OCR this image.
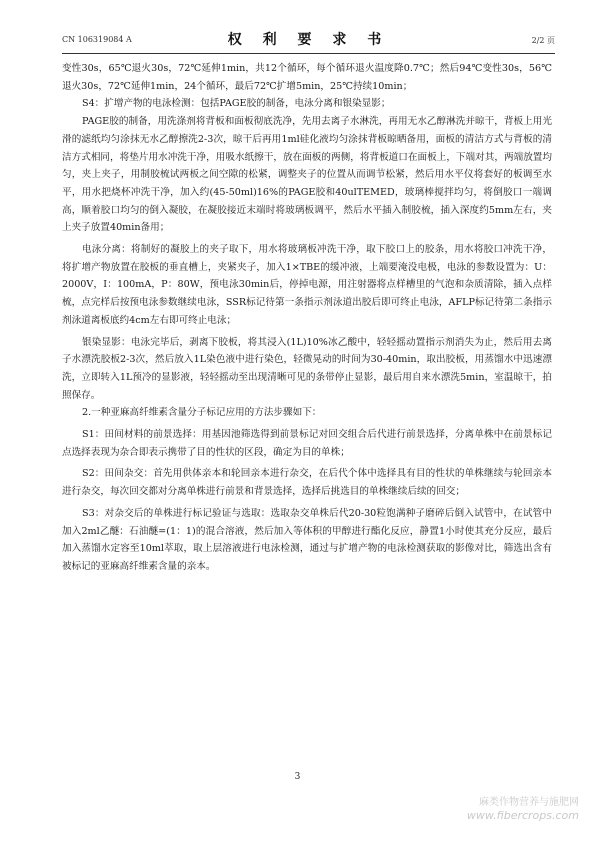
CN 106319084 A	权 利 要 求 书	2/2 页

变性30s，65℃退火30s，72℃延伸1min，共12个循环，每个循环退火温度降0.7℃；然后94℃变性30s，56℃退火30s，72℃延伸1min，24个循环，最后72℃扩增5min，25℃持续10min；

S4：扩增产物的电泳检测：包括PAGE胶的制备，电泳分离和银染显影；

PAGE胶的制备，用洗涤剂将背板和面板彻底洗净，先用去离子水淋洗，再用无水乙醇淋洗并晾干，背板上用光滑的滤纸均匀涂抹无水乙醇擦洗2-3次，晾干后再用1ml硅化液均匀涂抹背板晾晒备用，面板的清洁方式与背板的清洁方式相同，将垫片用水冲洗干净，用吸水纸擦干，放在面板的两侧，将背板道口在面板上，下端对其，两端放置均匀，夹上夹子，用制胶梳试两板之间空隙的松紧，调整夹子的位置从而调节松紧，然后用水平仪将套好的板调至水平，用水把烧杯冲洗干净，加入约(45-50ml)16%的PAGE胶和40ulTEMED，玻璃棒搅拌均匀，将倒胶口一端调高，顺着胶口均匀的倒入凝胶，在凝胶接近末端时将玻璃板调平，然后水平插入制胶梳，插入深度约5mm左右，夹上夹子放置40min备用；

电泳分离：将制好的凝胶上的夹子取下，用水将玻璃板冲洗干净，取下胶口上的胶条，用水将胶口冲洗干净，将扩增产物放置在胶板的垂直槽上，夹紧夹子，加入1×TBE的缓冲液，上端要淹没电极，电泳的参数设置为：U：2000V，I：100mA，P：80W，预电泳30min后，停掉电源，用注射器将点样槽里的气泡和杂质清除，插入点样梳，点完样后按预电泳参数继续电泳，SSR标记待第一条指示剂泳道出胶后即可终止电泳，AFLP标记待第二条指示剂泳道离板底约4cm左右即可终止电泳；

银染显影：电泳完毕后，剥离下胶板，将其浸入(1L)10%冰乙酸中，轻轻摇动置指示剂消失为止，然后用去离子水漂洗胶板2-3次，然后放入1L染色液中进行染色，轻微晃动的时间为30-40min，取出胶板，用蒸馏水中迅速漂洗，立即转入1L预冷的显影液，轻轻摇动至出现清晰可见的条带停止显影，最后用自来水漂洗5min，室温晾干，拍照保存。

2.一种亚麻高纤维素含量分子标记应用的方法步骤如下：

S1：田间材料的前景选择：用基因池筛选得到前景标记对回交组合后代进行前景选择，分离单株中在前景标记点选择表现为杂合即表示携带了目的性状的区段，确定为目的单株；

S2：田间杂交：首先用供体亲本和轮回亲本进行杂交，在后代个体中选择具有目的性状的单株继续与轮回亲本进行杂交，每次回交都对分离单株进行前景和背景选择，选择后挑选目的单株继续后续的回交；

S3：对杂交后的单株进行标记验证与选取：选取杂交单株后代20-30粒饱满种子磨碎后倒入试管中，在试管中加入2ml乙醚：石油醚=(1：1)的混合溶液，然后加入等体积的甲醇进行酯化反应，静置1小时使其充分反应，最后加入蒸馏水定容至10ml萃取，取上层溶液进行电泳检测，通过与扩增产物的电泳检测获取的影像对比，筛选出含有被标记的亚麻高纤维素含量的亲本。

3
麻类作物营养与施肥网
www.fibercrops.com
